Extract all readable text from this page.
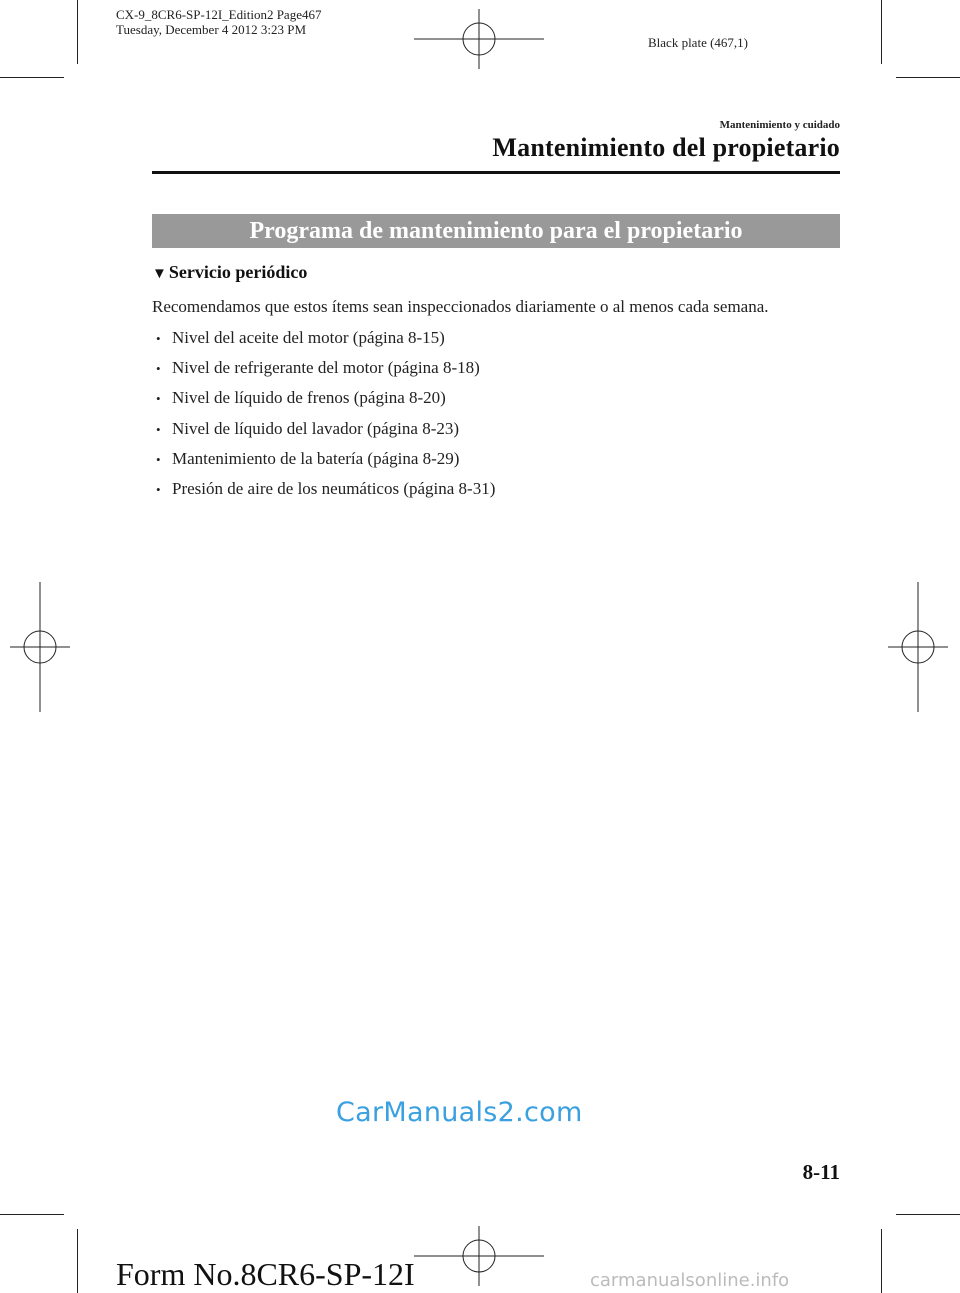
CX-9_8CR6-SP-12I_Edition2 Page467
Tuesday, December 4 2012 3:23 PM
Black plate (467,1)
Mantenimiento y cuidado
Mantenimiento del propietario
Programa de mantenimiento para el propietario
▼ Servicio periódico
Recomendamos que estos ítems sean inspeccionados diariamente o al menos cada semana.
• Nivel del aceite del motor (página 8-15)
• Nivel de refrigerante del motor (página 8-18)
• Nivel de líquido de frenos (página 8-20)
• Nivel de líquido del lavador (página 8-23)
• Mantenimiento de la batería (página 8-29)
• Presión de aire de los neumáticos (página 8-31)
CarManuals2.com
8-11
Form No.8CR6-SP-12I	carmanualsonline.info
